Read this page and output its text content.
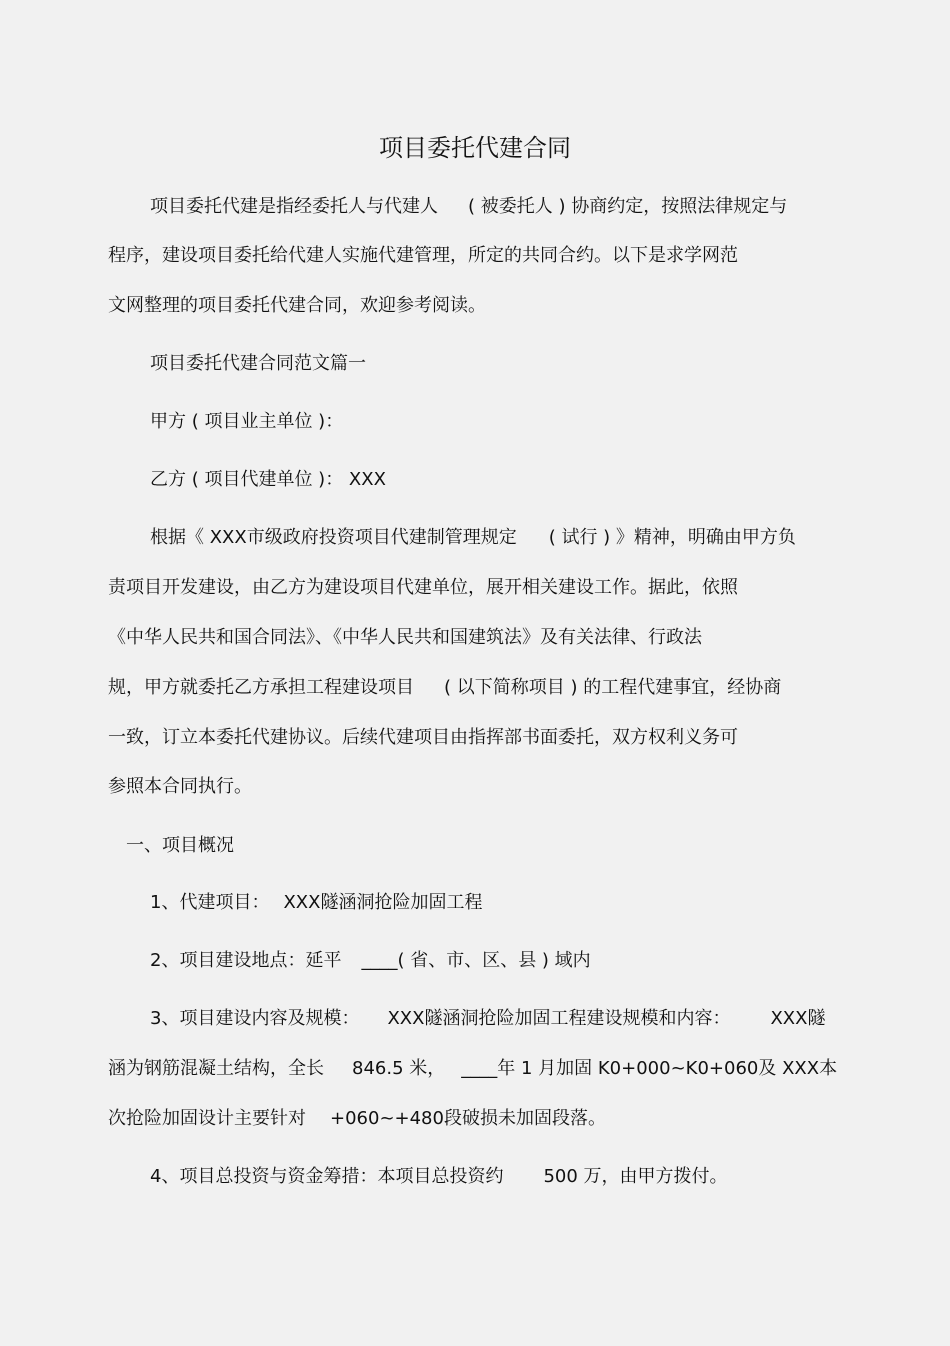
项目委托代建合同
项目委托代建是指经委托人与代建人 ( 被委托人 ) 协商约定，按照法律规定与
程序，建设项目委托给代建人实施代建管理，所定的共同合约。以下是求学网范
文网整理的项目委托代建合同，欢迎参考阅读。
项目委托代建合同范文篇一
甲方 ( 项目业主单位 )：
乙方 ( 项目代建单位 )： XXX
根据《 XXX市级政府投资项目代建制管理规定 ( 试行 ) 》精神，明确由甲方负
责项目开发建设，由乙方为建设项目代建单位，展开相关建设工作。据此，依照
《中华人民共和国合同法》、《中华人民共和国建筑法》及有关法律、行政法
规，甲方就委托乙方承担工程建设项目 ( 以下简称项目 ) 的工程代建事宜，经协商
一致，订立本委托代建协议。后续代建项目由指挥部书面委托，双方权利义务可
参照本合同执行。
一、项目概况
1、代建项目： XXX隧涵洞抢险加固工程
2、项目建设地点：延平 ____( 省、市、区、县 ) 域内
3、项目建设内容及规模： XXX隧涵洞抢险加固工程建设规模和内容： XXX隧
涵为钢筋混凝土结构，全长 846.5 米， ____年 1 月加固 K0+000~K0+060及 XXX本
次抢险加固设计主要针对 +060~+480段破损未加固段落。
4、项目总投资与资金筹措：本项目总投资约 500 万，由甲方拨付。
